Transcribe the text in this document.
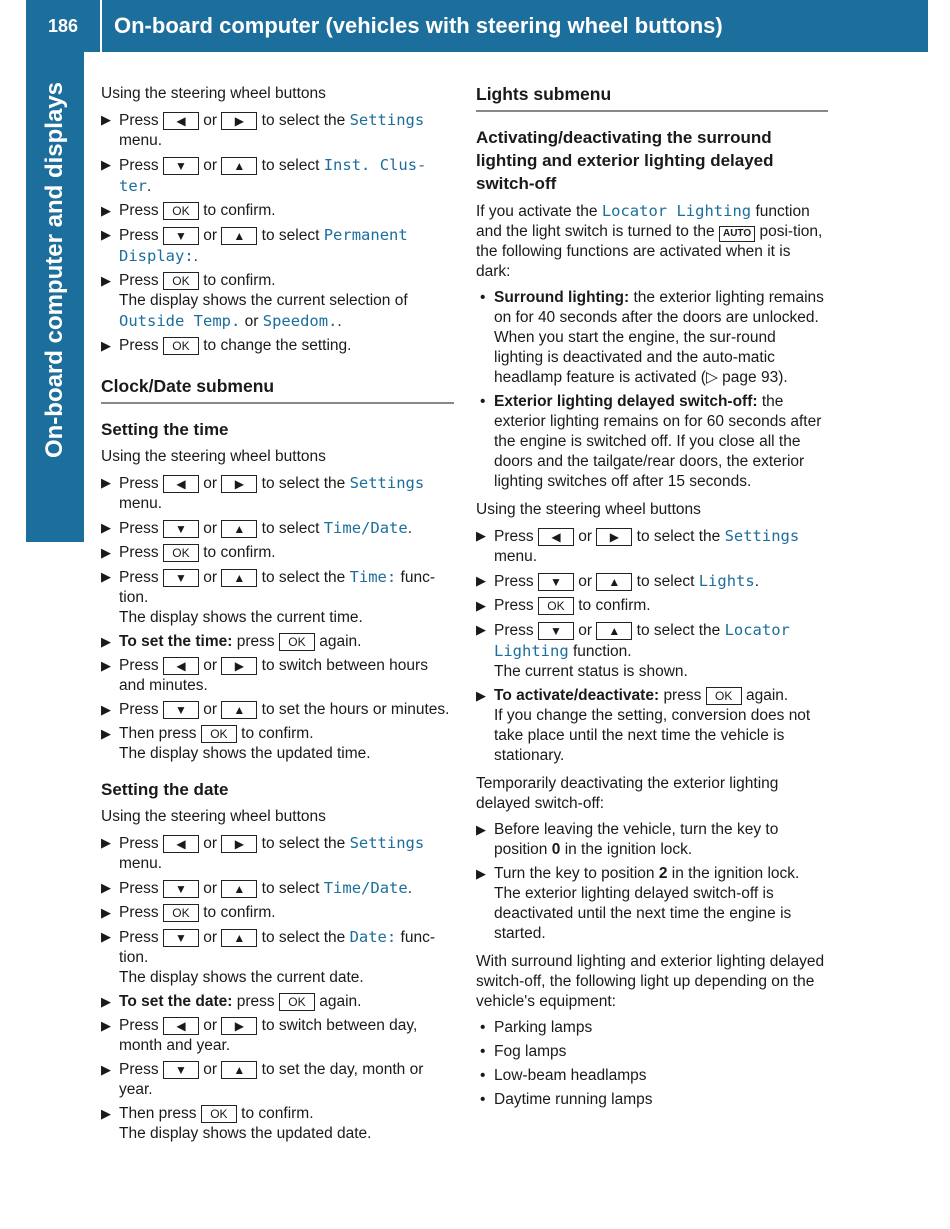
186	On-board computer (vehicles with steering wheel buttons)
On-board computer and displays Using the steering wheel buttons

▶ Press ◀ or ▶ to select the Settings menu.
▶ Press ▼ or ▲ to select Inst. Clus-ter.
▶ Press OK to confirm.
▶ Press ▼ or ▲ to select Permanent Display:.
▶ Press OK to confirm.
The display shows the current selection of Outside Temp. or Speedom..
▶ Press OK to change the setting.
Clock/Date submenu
Setting the time

Using the steering wheel buttons

▶ Press ◀ or ▶ to select the Settings menu.
▶ Press ▼ or ▲ to select Time/Date.
▶ Press OK to confirm.
▶ Press ▼ or ▲ to select the Time: func-tion.
The display shows the current time.
▶ To set the time: press OK again.
▶ Press ◀ or ▶ to switch between hours and minutes.
▶ Press ▼ or ▲ to set the hours or minutes.
▶ Then press OK to confirm.
The display shows the updated time.
Setting the date

Using the steering wheel buttons

▶ Press ◀ or ▶ to select the Settings menu.
▶ Press ▼ or ▲ to select Time/Date.
▶ Press OK to confirm.
▶ Press ▼ or ▲ to select the Date: func-tion.
The display shows the current date.
▶ To set the date: press OK again.
▶ Press ◀ or ▶ to switch between day, month and year.
▶ Press ▼ or ▲ to set the day, month or year.
▶ Then press OK to confirm.
The display shows the updated date.
Lights submenu
Activating/deactivating the surround lighting and exterior lighting delayed switch-off

If you activate the Locator Lighting function and the light switch is turned to the AUTO posi-tion, the following functions are activated when it is dark:

• Surround lighting: the exterior lighting remains on for 40 seconds after the doors are unlocked. When you start the engine, the sur-round lighting is deactivated and the auto-matic headlamp feature is activated (▷ page 93).
• Exterior lighting delayed switch-off: the exterior lighting remains on for 60 seconds after the engine is switched off. If you close all the doors and the tailgate/rear doors, the exterior lighting switches off after 15 seconds.

Using the steering wheel buttons

▶ Press ◀ or ▶ to select the Settings menu.
▶ Press ▼ or ▲ to select Lights.
▶ Press OK to confirm.
▶ Press ▼ or ▲ to select the Locator Lighting function.
The current status is shown.
▶ To activate/deactivate: press OK again.
If you change the setting, conversion does not take place until the next time the vehicle is stationary.

Temporarily deactivating the exterior lighting delayed switch-off:

▶ Before leaving the vehicle, turn the key to position 0 in the ignition lock.
▶ Turn the key to position 2 in the ignition lock. The exterior lighting delayed switch-off is deactivated until the next time the engine is started.

With surround lighting and exterior lighting delayed switch-off, the following light up depending on the vehicle's equipment:

• Parking lamps
• Fog lamps
• Low-beam headlamps
• Daytime running lamps
